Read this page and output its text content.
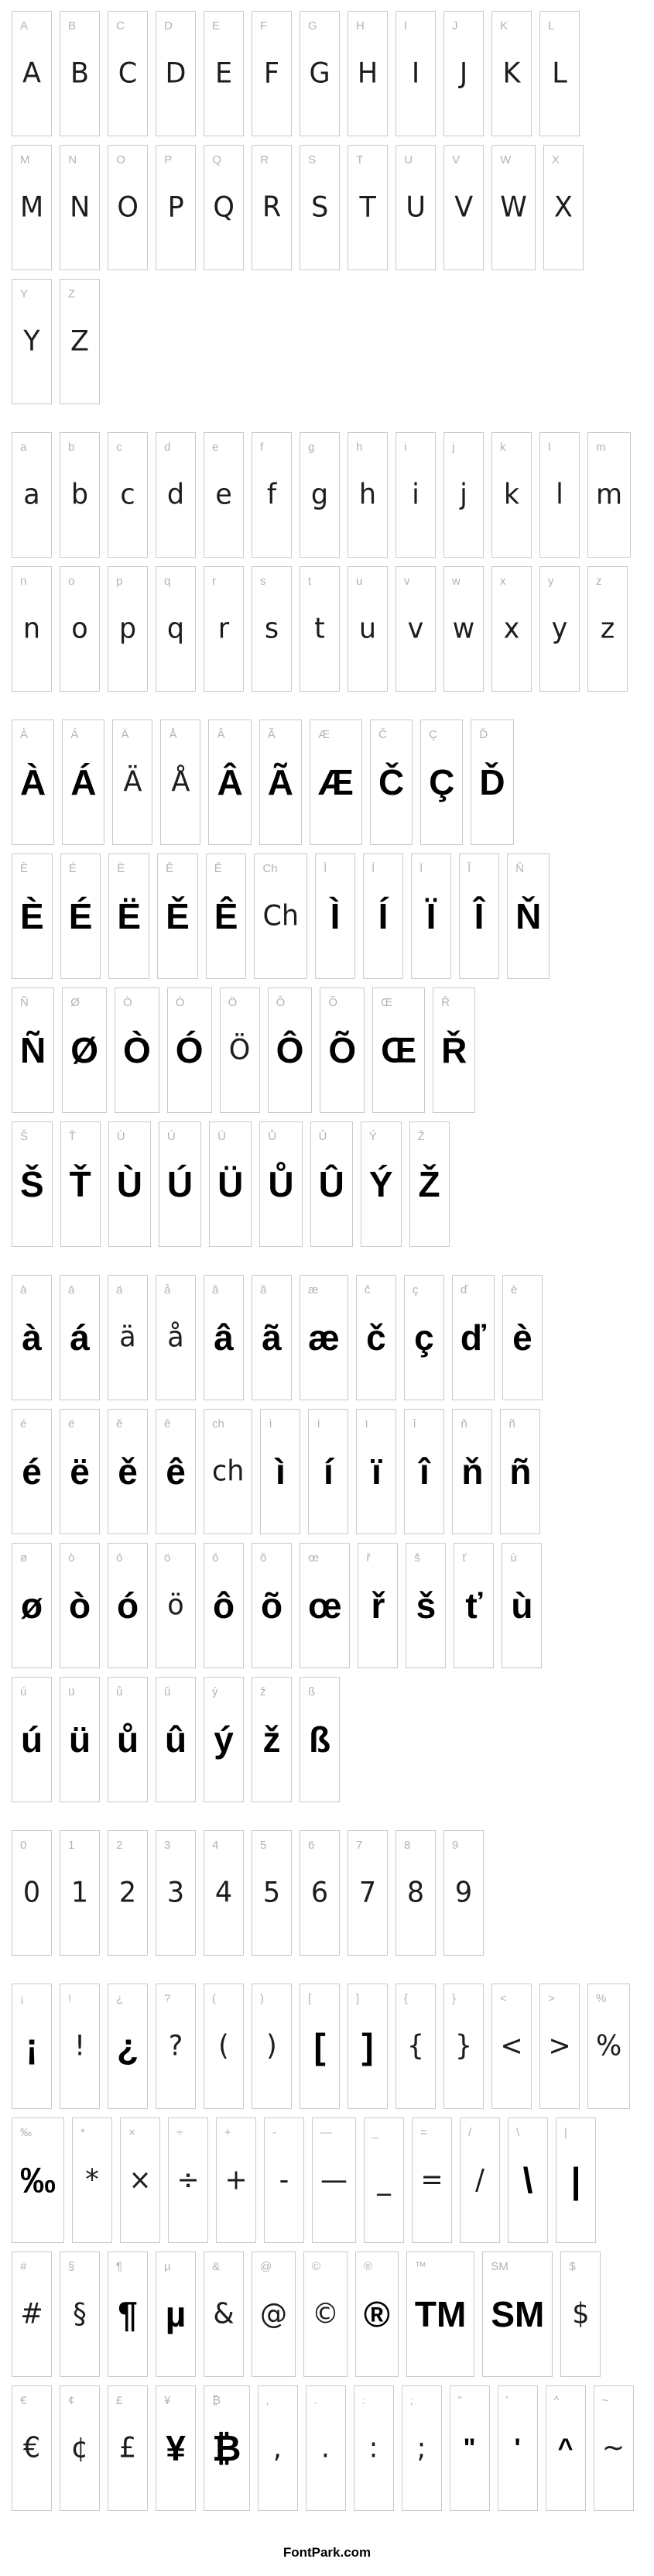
A
A
B
B
C
C
D
D
E
E
F
F
G
G
H
H
I
I
J
J
K
K
L
L
M
M
N
N
O
O
P
P
Q
Q
R
R
S
S
T
T
U
U
V
V
W
W
X
X
Y
Y
Z
Z
a
a
b
b
c
c
d
d
e
e
f
f
g
g
h
h
i
i
j
j
k
k
l
l
m
m
n
n
o
o
p
p
q
q
r
r
s
s
t
t
u
u
v
v
w
w
x
x
y
y
z
z
À
À
Á
Á
Ä
Ä
Å
Å
Â
Â
Ã
Ã
Æ
Æ
Č
Č
Ç
Ç
Ď
Ď
È
È
É
É
Ë
Ë
Ě
Ě
Ê
Ê
Ch
Ch
Ì
Ì
Í
Í
Ï
Ï
Î
Î
Ň
Ň
Ñ
Ñ
Ø
Ø
Ò
Ò
Ó
Ó
Ö
Ö
Ô
Ô
Õ
Õ
Œ
Œ
Ř
Ř
Š
Š
Ť
Ť
Ù
Ù
Ú
Ú
Ü
Ü
Ů
Ů
Û
Û
Ý
Ý
Ž
Ž
à
à
á
á
ä
ä
å
å
â
â
ã
ã
æ
æ
č
č
ç
ç
ď
ď
è
è
é
é
ë
ë
ě
ě
ê
ê
ch
ch
ì
ì
í
í
ï
ï
î
î
ň
ň
ñ
ñ
ø
ø
ò
ò
ó
ó
ö
ö
ô
ô
õ
õ
œ
œ
ř
ř
š
š
ť
ť
ù
ù
ú
ú
ü
ü
ů
ů
û
û
ý
ý
ž
ž
ß
ß
0
0
1
1
2
2
3
3
4
4
5
5
6
6
7
7
8
8
9
9
¡
¡
!
!
¿
¿
?
?
(
(
)
)
[
[
]
]
{
{
}
}
<
<
>
>
%
%
‰
‰
*
*
×
×
÷
÷
+
+
-
-
—
—
_
_
=
=
/
/
\
\
|
|
#
#
§
§
¶
¶
µ
µ
&
&
@
@
©
©
®
®
™
TM
SM
SM
$
$
€
€
¢
¢
£
£
¥
¥
₿
₿
,
,
.
.
:
:
;
;
"
"
'
'
^
^
~
~
FontPark.com
